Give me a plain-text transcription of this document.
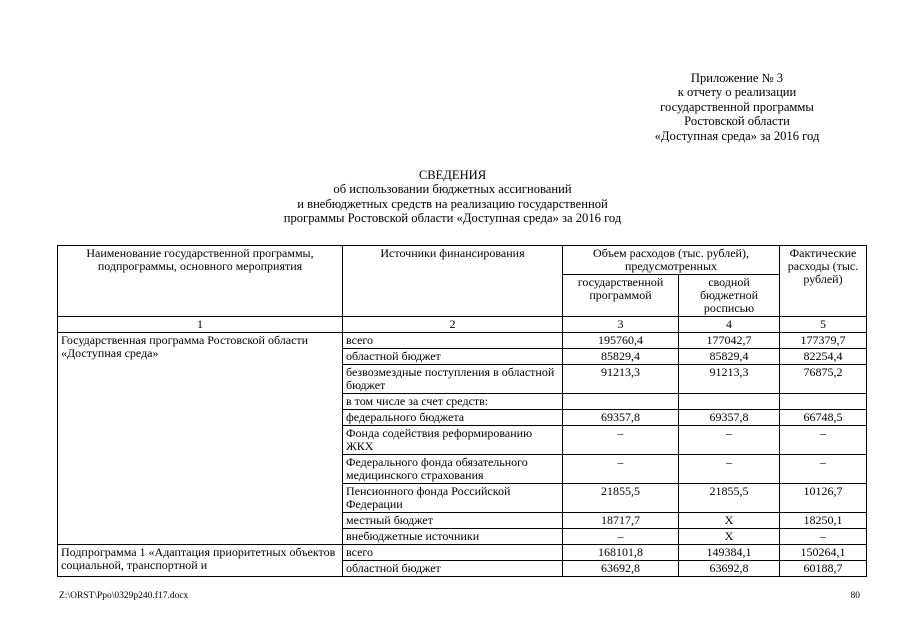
Приложение № 3
к отчету о реализации
государственной программы
Ростовской области
«Доступная среда» за 2016 год
СВЕДЕНИЯ
об использовании бюджетных ассигнований
и внебюджетных средств на реализацию государственной
программы Ростовской области «Доступная среда» за 2016 год
Наименование государственной программы, подпрограммы, основного мероприятия	Источники финансирования	Объем расходов (тыс. рублей), предусмотренных		Фактические расходы (тыс. рублей)
		государственной программой	сводной бюджетной росписью	
1	2	3	4	5
Государственная программа Ростовской области «Доступная среда»	всего	195760,4	177042,7	177379,7
	областной бюджет	85829,4	85829,4	82254,4
	безвозмездные поступления в областной бюджет	91213,3	91213,3	76875,2
	в том числе за счет средств:			
	федерального бюджета	69357,8	69357,8	66748,5
	Фонда содействия реформированию ЖКХ	–	–	–
	Федерального фонда обязательного медицинского страхования	–	–	–
	Пенсионного фонда Российской Федерации	21855,5	21855,5	10126,7
	местный бюджет	18717,7	X	18250,1
	внебюджетные источники	–	X	–
Подпрограмма 1 «Адаптация приоритетных объектов социальной, транспортной и	всего	168101,8	149384,1	150264,1
	областной бюджет	63692,8	63692,8	60188,7
Z:\ORST\Ppo\0329p240.f17.docx	80
